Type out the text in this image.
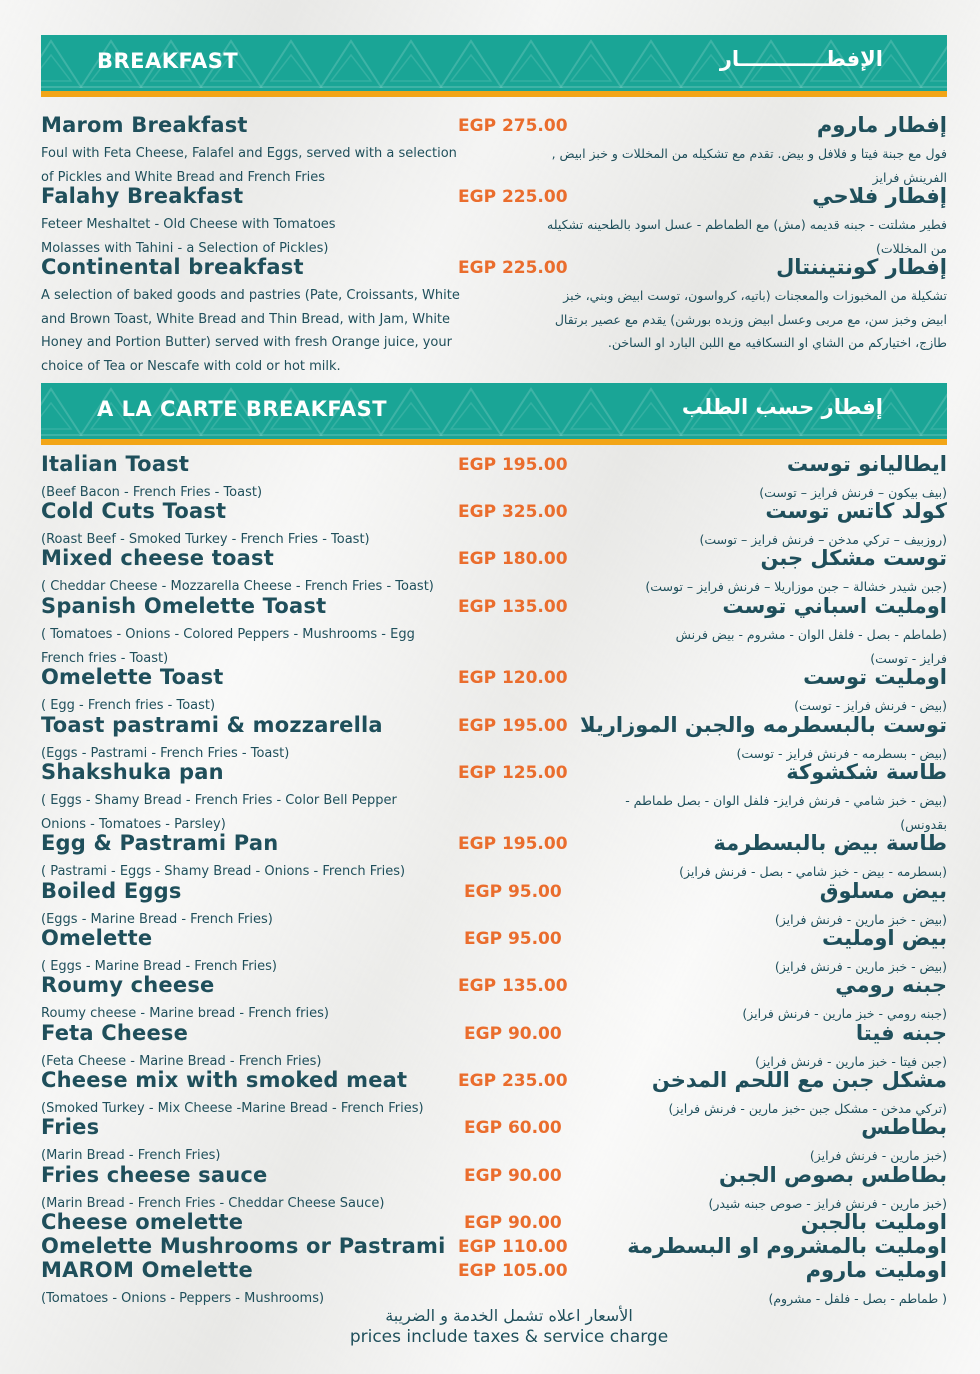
BREAKFAST	الإفطــــــــــــار
A LA CARTE BREAKFAST	إفطار حسب الطلب
Marom Breakfast	EGP 275.00	إفطار ماروم
Foul with Feta Cheese, Falafel and Eggs, served with a selection of Pickles and White Bread and French Fries
فول مع جبنة فيتا و فلافل و بيض. تقدم مع تشكيله من المخللات و خبز ابيض , الفرينش فرايز
Falahy Breakfast	EGP 225.00	إفطار فلاحي
Feteer Meshaltet - Old Cheese with Tomatoes Molasses with Tahini - a Selection of Pickles)
فطير مشلتت - جبنه قديمه (مش) مع الطماطم - عسل اسود بالطحينه تشكيله من المخللات)
Continental breakfast	EGP 225.00	إفطار كونتيننتال
A selection of baked goods and pastries (Pate, Croissants, White and Brown Toast, White Bread and Thin Bread, with Jam, White Honey and Portion Butter) served with fresh Orange juice, your choice of Tea or Nescafe with cold or hot milk.
تشكيلة من المخبوزات والمعجنات (باتيه، كرواسون، توست ابيض وبني، خبز ابيض وخبز سن، مع مربى وعسل ابيض وزبده بورشن) يقدم مع عصير برتقال طازج، اختياركم من الشاي او النسكافيه مع اللبن البارد او الساخن.
Italian Toast	EGP 195.00	ايطاليانو توست
(Beef Bacon - French Fries - Toast)	(بيف بيكون – فرنش فرايز – توست)
Cold Cuts Toast	EGP 325.00	كولد كاتس توست
(Roast Beef - Smoked Turkey - French Fries - Toast)	(روزبيف – تركي مدخن – فرنش فرايز – توست)
Mixed cheese toast	EGP 180.00	توست مشكل جبن
( Cheddar Cheese - Mozzarella Cheese - French Fries - Toast)	(جبن شيدر خشالة – جبن موزاريلا – فرنش فرايز – توست)
Spanish Omelette Toast	EGP 135.00	اومليت اسباني توست
( Tomatoes - Onions - Colored Peppers - Mushrooms - Egg French fries - Toast)
(طماطم - بصل - فلفل الوان - مشروم - بيض فرنش فرايز - توست)
Omelette Toast	EGP 120.00	اومليت توست
( Egg - French fries - Toast)	(بيض - فرنش فرايز - توست)
Toast pastrami & mozzarella	EGP 195.00 توست بالبسطرمه والجبن الموزاريلا
(Eggs - Pastrami - French Fries - Toast)	(بيض - بسطرمه - فرنش فرايز - توست)
Shakshuka pan	EGP 125.00	طاسة شكشوكة
( Eggs - Shamy Bread - French Fries - Color Bell Pepper Onions - Tomatoes - Parsley)
(بيض - خبز شامي - فرنش فرايز- فلفل الوان - بصل طماطم - بقدونس)
Egg & Pastrami Pan	EGP 195.00	طاسة بيض بالبسطرمة
( Pastrami - Eggs - Shamy Bread - Onions - French Fries)	(بسطرمه - بيض - خبز شامي - بصل - فرنش فرايز)
Boiled Eggs	EGP 95.00	بيض مسلوق
(Eggs - Marine Bread - French Fries)	(بيض - خبز مارين - فرنش فرايز)
Omelette	EGP 95.00	بيض اومليت
( Eggs - Marine Bread - French Fries)	(بيض - خبز مارين - فرنش فرايز)
Roumy cheese	EGP 135.00	جبنه رومي
Roumy cheese - Marine bread - French fries)	(جبنه رومي - خبز مارين - فرنش فرايز)
Feta Cheese	EGP 90.00	جبنه فيتا
(Feta Cheese - Marine Bread - French Fries)	(جبن فيتا - خبز مارين - فرنش فرايز)
Cheese mix with smoked meat	EGP 235.00	مشكل جبن مع اللحم المدخن
(Smoked Turkey - Mix Cheese -Marine Bread - French Fries)	(تركي مدخن - مشكل جبن -خبز مارين - فرنش فرايز)
Fries	EGP 60.00	بطاطس
(Marin Bread - French Fries)	(خبز مارين - فرنش فرايز)
Fries cheese sauce	EGP 90.00	بطاطس بصوص الجبن
(Marin Bread - French Fries - Cheddar Cheese Sauce)	(خبز مارين - فرنش فرايز - صوص جبنه شيدر)
Cheese omelette	EGP 90.00	اومليت بالجبن
Omelette Mushrooms or Pastrami EGP 110.00	اومليت بالمشروم او البسطرمة
MAROM Omelette	EGP 105.00	اومليت ماروم
(Tomatoes - Onions - Peppers - Mushrooms)	( طماطم - بصل - فلفل - مشروم)
الأسعار اعلاه تشمل الخدمة و الضريبة
prices include taxes & service charge
